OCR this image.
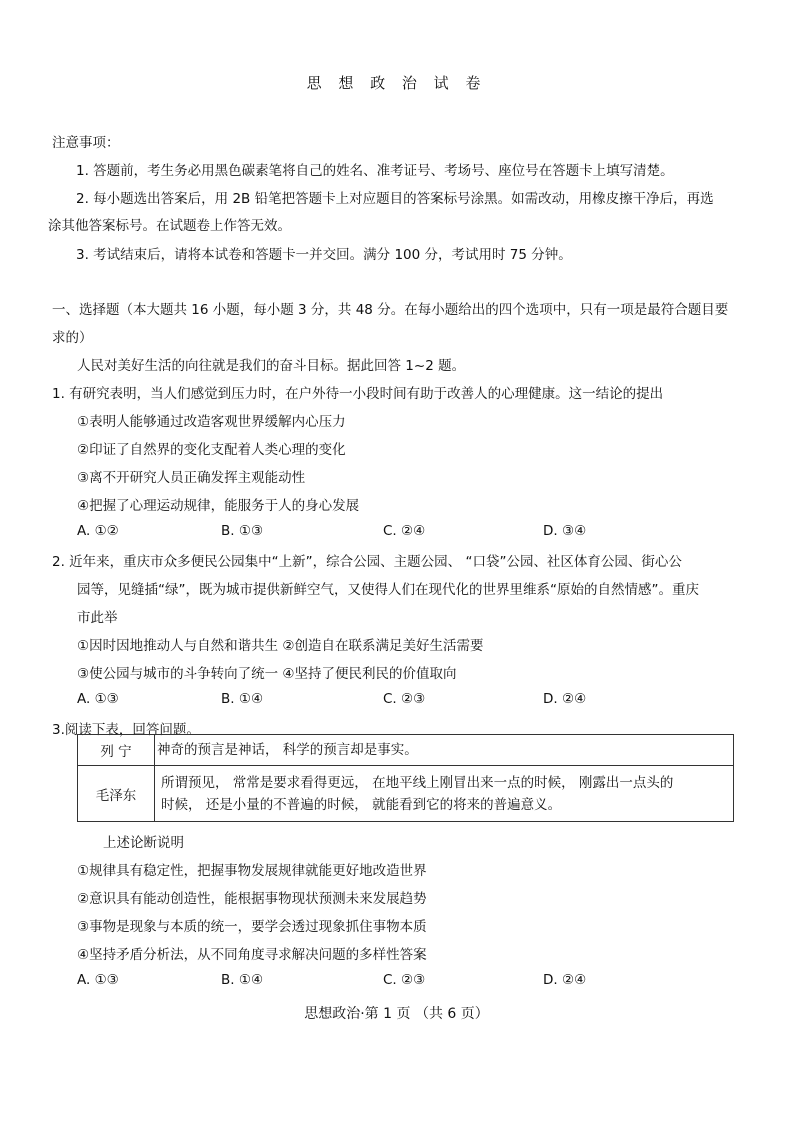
思 想 政 治 试 卷
注意事项：
1. 答题前，考生务必用黑色碳素笔将自己的姓名、准考证号、考场号、座位号在答题卡上填写清楚。
2. 每小题选出答案后，用 2B 铅笔把答题卡上对应题目的答案标号涂黑。如需改动，用橡皮擦干净后，再选
涂其他答案标号。在试题卷上作答无效。
3. 考试结束后，请将本试卷和答题卡一并交回。满分 100 分，考试用时 75 分钟。
一、选择题（本大题共 16 小题，每小题 3 分，共 48 分。在每小题给出的四个选项中，只有一项是最符合题目要
求的）
人民对美好生活的向往就是我们的奋斗目标。据此回答 1~2 题。
1. 有研究表明，当人们感觉到压力时，在户外待一小段时间有助于改善人的心理健康。这一结论的提出
①表明人能够通过改造客观世界缓解内心压力
②印证了自然界的变化支配着人类心理的变化
③离不开研究人员正确发挥主观能动性
④把握了心理运动规律，能服务于人的身心发展
A. ①②	B. ①③	C. ②④	D. ③④
2. 近年来，重庆市众多便民公园集中“上新”，综合公园、主题公园、 “口袋”公园、社区体育公园、街心公
园等，见缝插“绿”，既为城市提供新鲜空气，又使得人们在现代化的世界里维系“原始的自然情感”。重庆
市此举
①因时因地推动人与自然和谐共生 ②创造自在联系满足美好生活需要
③使公园与城市的斗争转向了统一 ④坚持了便民利民的价值取向
A. ①③	B. ①④	C. ②③	D. ②④
3.阅读下表，回答问题。
列 宁	神奇的预言是神话， 科学的预言却是事实。
毛泽东	所谓预见， 常常是要求看得更远， 在地平线上刚冒出来一点的时候， 刚露出一点头的
时候， 还是小量的不普遍的时候， 就能看到它的将来的普遍意义。
上述论断说明
①规律具有稳定性，把握事物发展规律就能更好地改造世界
②意识具有能动创造性，能根据事物现状预测未来发展趋势
③事物是现象与本质的统一，要学会透过现象抓住事物本质
④坚持矛盾分析法，从不同角度寻求解决问题的多样性答案
A. ①③	B. ①④	C. ②③	D. ②④
思想政治·第 1 页 （共 6 页）
